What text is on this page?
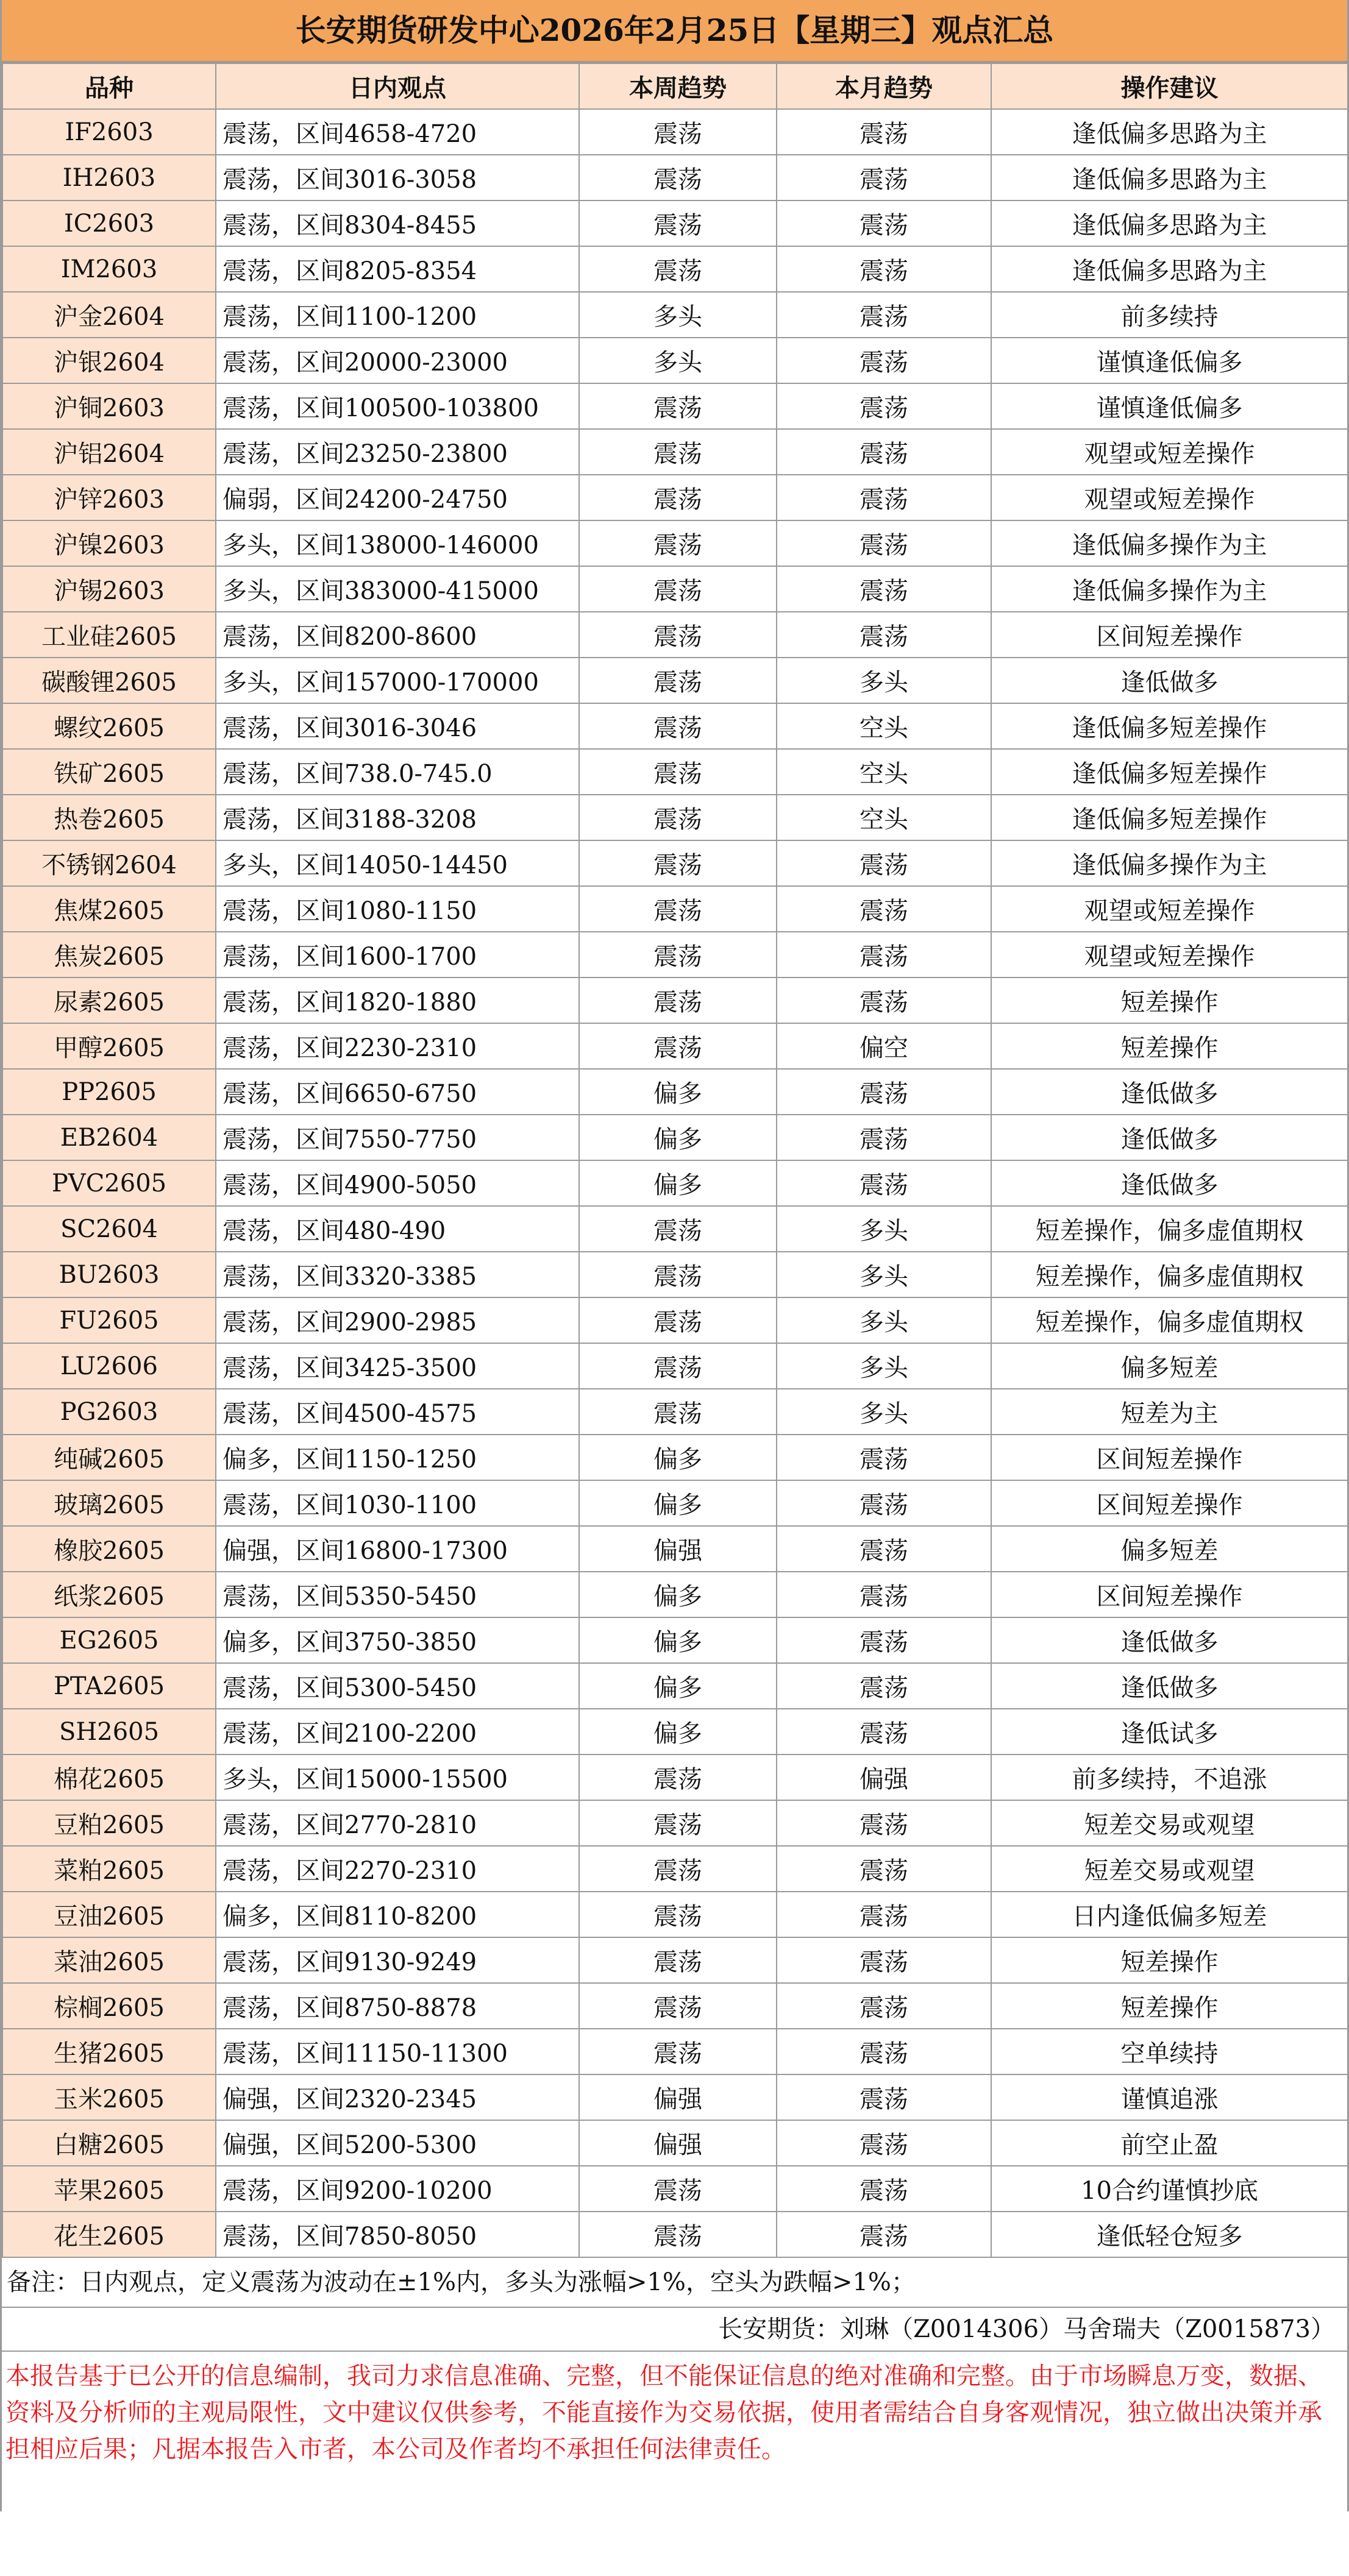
长安期货研发中心2026年2月25日【星期三】观点汇总
品种	日内观点	本周趋势	本月趋势	操作建议
IF2603	震荡，区间4658-4720	震荡	震荡	逢低偏多思路为主
IH2603	震荡，区间3016-3058	震荡	震荡	逢低偏多思路为主
IC2603	震荡，区间8304-8455	震荡	震荡	逢低偏多思路为主
IM2603	震荡，区间8205-8354	震荡	震荡	逢低偏多思路为主
沪金2604	震荡，区间1100-1200	多头	震荡	前多续持
沪银2604	震荡，区间20000-23000	多头	震荡	谨慎逢低偏多
沪铜2603	震荡，区间100500-103800	震荡	震荡	谨慎逢低偏多
沪铝2604	震荡，区间23250-23800	震荡	震荡	观望或短差操作
沪锌2603	偏弱，区间24200-24750	震荡	震荡	观望或短差操作
沪镍2603	多头，区间138000-146000	震荡	震荡	逢低偏多操作为主
沪锡2603	多头，区间383000-415000	震荡	震荡	逢低偏多操作为主
工业硅2605	震荡，区间8200-8600	震荡	震荡	区间短差操作
碳酸锂2605	多头，区间157000-170000	震荡	多头	逢低做多
螺纹2605	震荡，区间3016-3046	震荡	空头	逢低偏多短差操作
铁矿2605	震荡，区间738.0-745.0	震荡	空头	逢低偏多短差操作
热卷2605	震荡，区间3188-3208	震荡	空头	逢低偏多短差操作
不锈钢2604	多头，区间14050-14450	震荡	震荡	逢低偏多操作为主
焦煤2605	震荡，区间1080-1150	震荡	震荡	观望或短差操作
焦炭2605	震荡，区间1600-1700	震荡	震荡	观望或短差操作
尿素2605	震荡，区间1820-1880	震荡	震荡	短差操作
甲醇2605	震荡，区间2230-2310	震荡	偏空	短差操作
PP2605	震荡，区间6650-6750	偏多	震荡	逢低做多
EB2604	震荡，区间7550-7750	偏多	震荡	逢低做多
PVC2605	震荡，区间4900-5050	偏多	震荡	逢低做多
SC2604	震荡，区间480-490	震荡	多头	短差操作，偏多虚值期权
BU2603	震荡，区间3320-3385	震荡	多头	短差操作，偏多虚值期权
FU2605	震荡，区间2900-2985	震荡	多头	短差操作，偏多虚值期权
LU2606	震荡，区间3425-3500	震荡	多头	偏多短差
PG2603	震荡，区间4500-4575	震荡	多头	短差为主
纯碱2605	偏多，区间1150-1250	偏多	震荡	区间短差操作
玻璃2605	震荡，区间1030-1100	偏多	震荡	区间短差操作
橡胶2605	偏强，区间16800-17300	偏强	震荡	偏多短差
纸浆2605	震荡，区间5350-5450	偏多	震荡	区间短差操作
EG2605	偏多，区间3750-3850	偏多	震荡	逢低做多
PTA2605	震荡，区间5300-5450	偏多	震荡	逢低做多
SH2605	震荡，区间2100-2200	偏多	震荡	逢低试多
棉花2605	多头，区间15000-15500	震荡	偏强	前多续持，不追涨
豆粕2605	震荡，区间2770-2810	震荡	震荡	短差交易或观望
菜粕2605	震荡，区间2270-2310	震荡	震荡	短差交易或观望
豆油2605	偏多，区间8110-8200	震荡	震荡	日内逢低偏多短差
菜油2605	震荡，区间9130-9249	震荡	震荡	短差操作
棕榈2605	震荡，区间8750-8878	震荡	震荡	短差操作
生猪2605	震荡，区间11150-11300	震荡	震荡	空单续持
玉米2605	偏强，区间2320-2345	偏强	震荡	谨慎追涨
白糖2605	偏强，区间5200-5300	偏强	震荡	前空止盈
苹果2605	震荡，区间9200-10200	震荡	震荡	10合约谨慎抄底
花生2605	震荡，区间7850-8050	震荡	震荡	逢低轻仓短多
备注：日内观点，定义震荡为波动在±1%内，多头为涨幅>1%，空头为跌幅>1%；
长安期货：刘琳（Z0014306）马舍瑞夫（Z0015873）
本报告基于已公开的信息编制，我司力求信息准确、完整，但不能保证信息的绝对准确和完整。由于市场瞬息万变，数据、资料及分析师的主观局限性，文中建议仅供参考，不能直接作为交易依据，使用者需结合自身客观情况，独立做出决策并承担相应后果；凡据本报告入市者，本公司及作者均不承担任何法律责任。
